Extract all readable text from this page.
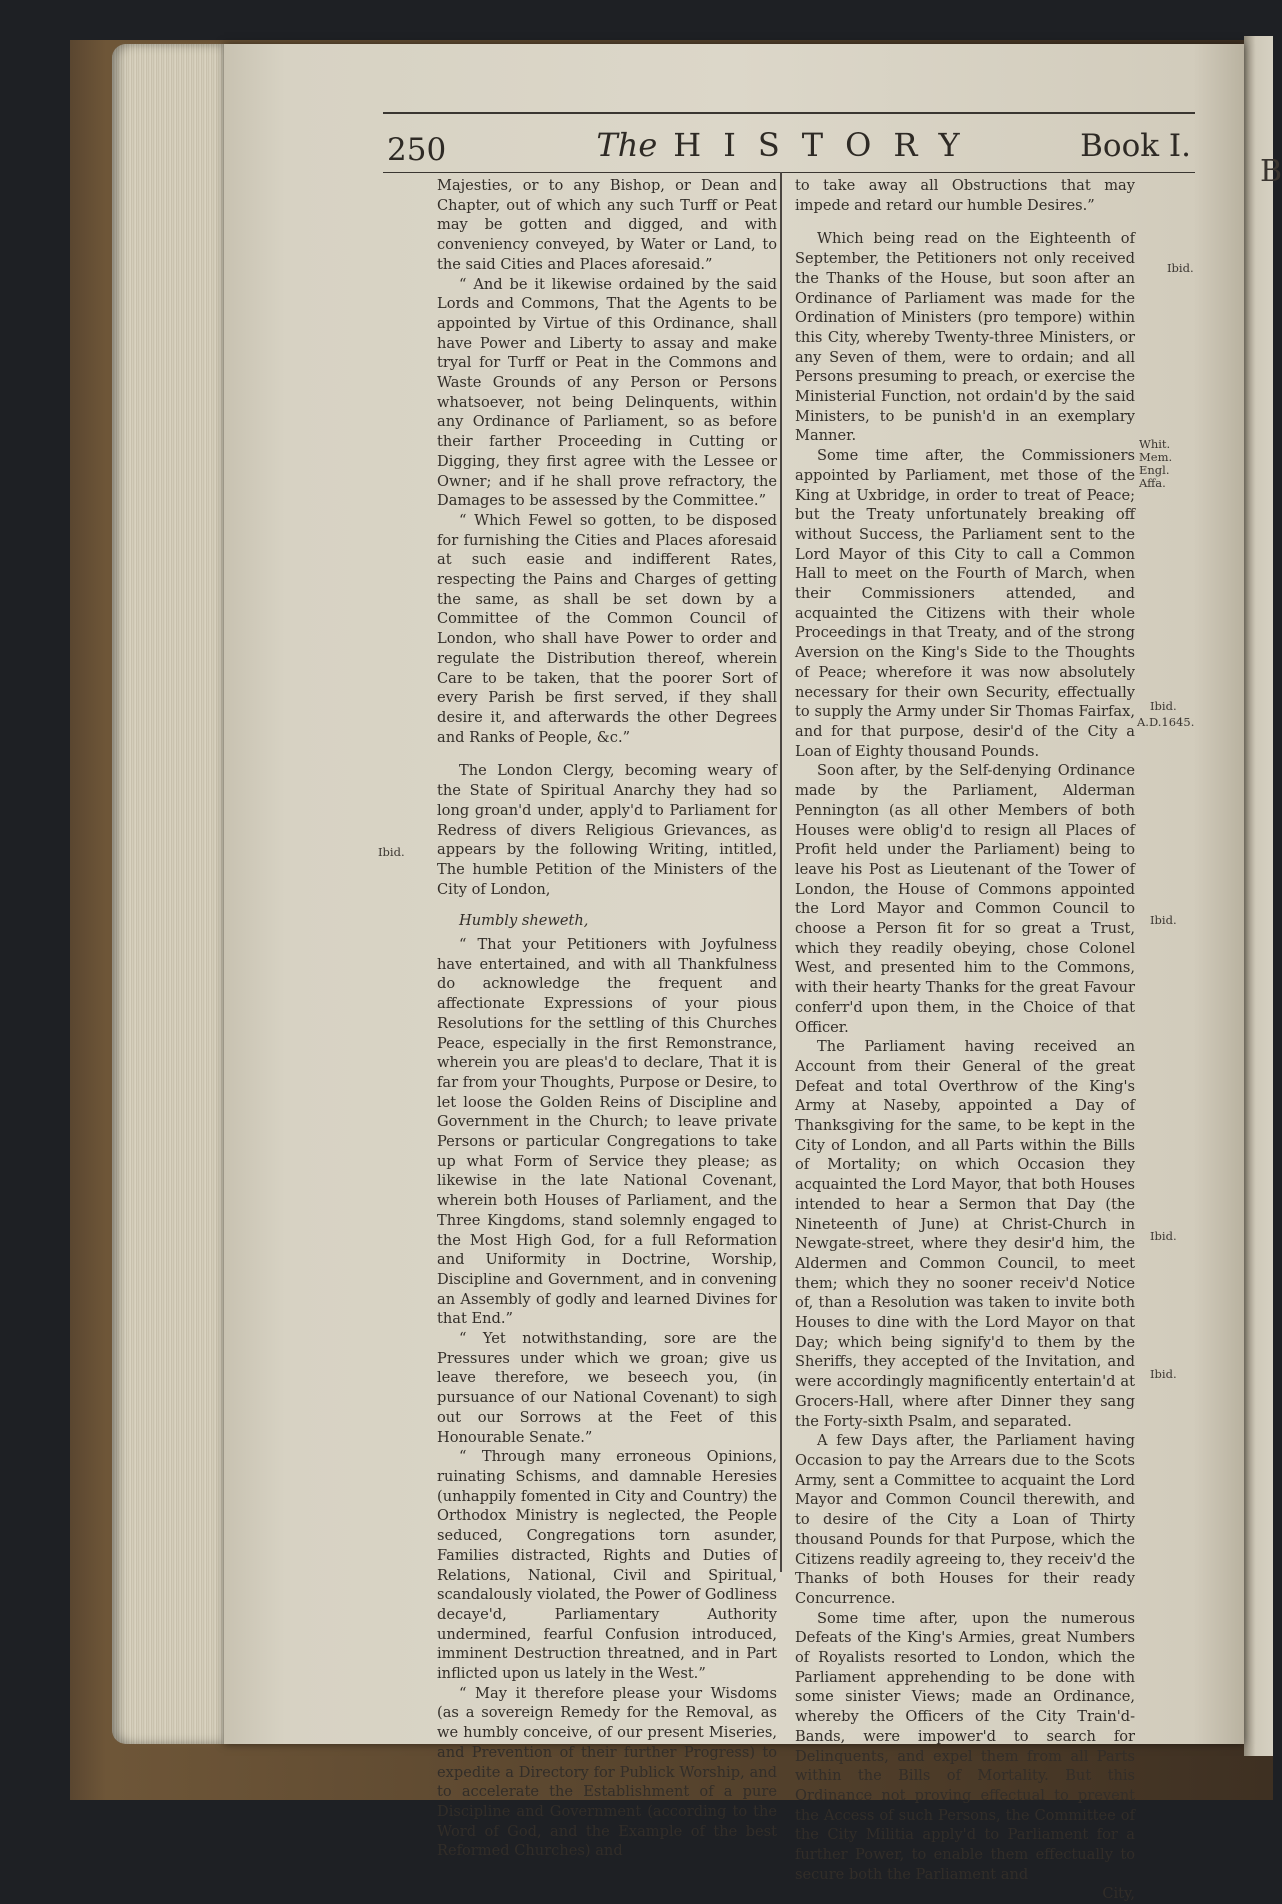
B
250	The HISTORY	Book I.

Majesties, or to any Bishop, or Dean and Chapter, out of which any such Turff or Peat may be gotten and digged, and with conveniency conveyed, by Water or Land, to the said Cities and Places aforesaid.”

“ And be it likewise ordained by the said Lords and Commons, That the Agents to be appointed by Virtue of this Ordinance, shall have Power and Liberty to assay and make tryal for Turff or Peat in the Commons and Waste Grounds of any Person or Persons whatsoever, not being Delinquents, within any Ordinance of Parliament, so as before their farther Proceeding in Cutting or Digging, they first agree with the Lessee or Owner; and if he shall prove refractory, the Damages to be assessed by the Committee.”

“ Which Fewel so gotten, to be disposed for furnishing the Cities and Places aforesaid at such easie and indifferent Rates, respecting the Pains and Charges of getting the same, as shall be set down by a Committee of the Common Council of London, who shall have Power to order and regulate the Distribution thereof, wherein Care to be taken, that the poorer Sort of every Parish be first served, if they shall desire it, and afterwards the other Degrees and Ranks of People, &c.”

The London Clergy, becoming weary of the State of Spiritual Anarchy they had so long groan'd under, apply'd to Parliament for Redress of divers Religious Grievances, as appears by the following Writing, intitled, The humble Petition of the Ministers of the City of London,

Humbly sheweth,

“ That your Petitioners with Joyfulness have entertained, and with all Thankfulness do acknowledge the frequent and affectionate Expressions of your pious Resolutions for the settling of this Churches Peace, especially in the first Remonstrance, wherein you are pleas'd to declare, That it is far from your Thoughts, Purpose or Desire, to let loose the Golden Reins of Discipline and Government in the Church; to leave private Persons or particular Congregations to take up what Form of Service they please; as likewise in the late National Covenant, wherein both Houses of Parliament, and the Three Kingdoms, stand solemnly engaged to the Most High God, for a full Reformation and Uniformity in Doctrine, Worship, Discipline and Government, and in convening an Assembly of godly and learned Divines for that End.”

“ Yet notwithstanding, sore are the Pressures under which we groan; give us leave therefore, we beseech you, (in pursuance of our National Covenant) to sigh out our Sorrows at the Feet of this Honourable Senate.”

“ Through many erroneous Opinions, ruinating Schisms, and damnable Heresies (unhappily fomented in City and Country) the Orthodox Ministry is neglected, the People seduced, Congregations torn asunder, Families distracted, Rights and Duties of Relations, National, Civil and Spiritual, scandalously violated, the Power of Godliness decaye'd, Parliamentary Authority undermined, fearful Confusion introduced, imminent Destruction threatned, and in Part inflicted upon us lately in the West.”

“ May it therefore please your Wisdoms (as a sovereign Remedy for the Removal, as we humbly conceive, of our present Miseries, and Prevention of their further Progress) to expedite a Directory for Publick Worship, and to accelerate the Establishment of a pure Discipline and Government (according to the Word of God, and the Example of the best Reformed Churches) and

to take away all Obstructions that may impede and retard our humble Desires.”

Which being read on the Eighteenth of September, the Petitioners not only received the Thanks of the House, but soon after an Ordinance of Parliament was made for the Ordination of Ministers (pro tempore) within this City, whereby Twenty-three Ministers, or any Seven of them, were to ordain; and all Persons presuming to preach, or exercise the Ministerial Function, not ordain'd by the said Ministers, to be punish'd in an exemplary Manner.

Some time after, the Commissioners appointed by Parliament, met those of the King at Uxbridge, in order to treat of Peace; but the Treaty unfortunately breaking off without Success, the Parliament sent to the Lord Mayor of this City to call a Common Hall to meet on the Fourth of March, when their Commissioners attended, and acquainted the Citizens with their whole Proceedings in that Treaty, and of the strong Aversion on the King's Side to the Thoughts of Peace; wherefore it was now absolutely necessary for their own Security, effectually to supply the Army under Sir Thomas Fairfax, and for that purpose, desir'd of the City a Loan of Eighty thousand Pounds.

Soon after, by the Self-denying Ordinance made by the Parliament, Alderman Pennington (as all other Members of both Houses were oblig'd to resign all Places of Profit held under the Parliament) being to leave his Post as Lieutenant of the Tower of London, the House of Commons appointed the Lord Mayor and Common Council to choose a Person fit for so great a Trust, which they readily obeying, chose Colonel West, and presented him to the Commons, with their hearty Thanks for the great Favour conferr'd upon them, in the Choice of that Officer.

The Parliament having received an Account from their General of the great Defeat and total Overthrow of the King's Army at Naseby, appointed a Day of Thanksgiving for the same, to be kept in the City of London, and all Parts within the Bills of Mortality; on which Occasion they acquainted the Lord Mayor, that both Houses intended to hear a Sermon that Day (the Nineteenth of June) at Christ-Church in Newgate-street, where they desir'd him, the Aldermen and Common Council, to meet them; which they no sooner receiv'd Notice of, than a Resolution was taken to invite both Houses to dine with the Lord Mayor on that Day; which being signify'd to them by the Sheriffs, they accepted of the Invitation, and were accordingly magnificently entertain'd at Grocers-Hall, where after Dinner they sang the Forty-sixth Psalm, and separated.

A few Days after, the Parliament having Occasion to pay the Arrears due to the Scots Army, sent a Committee to acquaint the Lord Mayor and Common Council therewith, and to desire of the City a Loan of Thirty thousand Pounds for that Purpose, which the Citizens readily agreeing to, they receiv'd the Thanks of both Houses for their ready Concurrence.

Some time after, upon the numerous Defeats of the King's Armies, great Numbers of Royalists resorted to London, which the Parliament apprehending to be done with some sinister Views; made an Ordinance, whereby the Officers of the City Train'd-Bands, were impower'd to search for Delinquents, and expel them from all Parts within the Bills of Mortality. But this Ordinance not proving effectual to prevent the Access of such Persons, the Committee of the City Militia apply'd to Parliament for a further Power, to enable them effectually to secure both the Parliament and

City,

Ibid.
Ibid.
Whit. Mem. Engl. Affa.
Ibid.
A.D.1645.
Ibid.
Ibid.
Ibid.
